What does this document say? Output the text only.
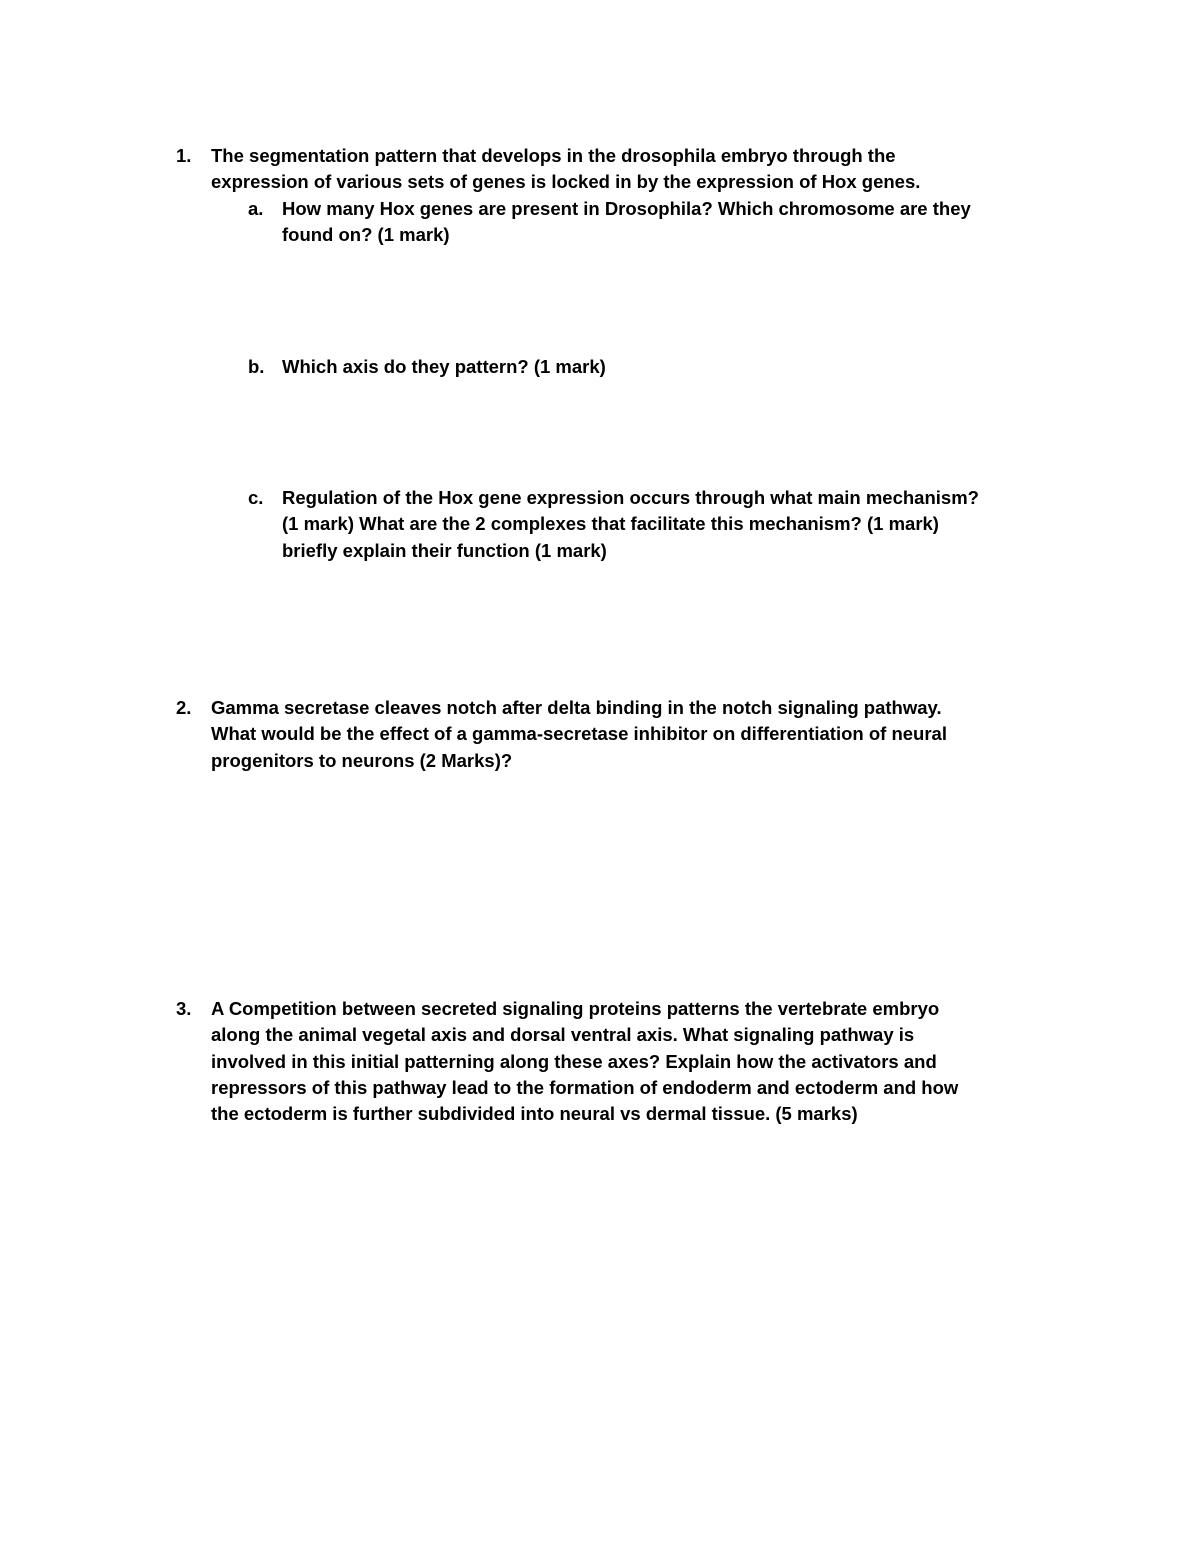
1.	The segmentation pattern that develops in the drosophila embryo through the
expression of various sets of genes is locked in by the expression of Hox genes.
a.	How many Hox genes are present in Drosophila? Which chromosome are they
found on? (1 mark)
b. Which axis do they pattern? (1 mark)
c.	Regulation of the Hox gene expression occurs through what main mechanism?
(1 mark) What are the 2 complexes that facilitate this mechanism? (1 mark)
briefly explain their function (1 mark)
2.	Gamma secretase cleaves notch after delta binding in the notch signaling pathway.
What would be the effect of a gamma-secretase inhibitor on differentiation of neural
progenitors to neurons (2 Marks)?
3.	A Competition between secreted signaling proteins patterns the vertebrate embryo
along the animal vegetal axis and dorsal ventral axis. What signaling pathway is
involved in this initial patterning along these axes? Explain how the activators and
repressors of this pathway lead to the formation of endoderm and ectoderm and how
the ectoderm is further subdivided into neural vs dermal tissue. (5 marks)
